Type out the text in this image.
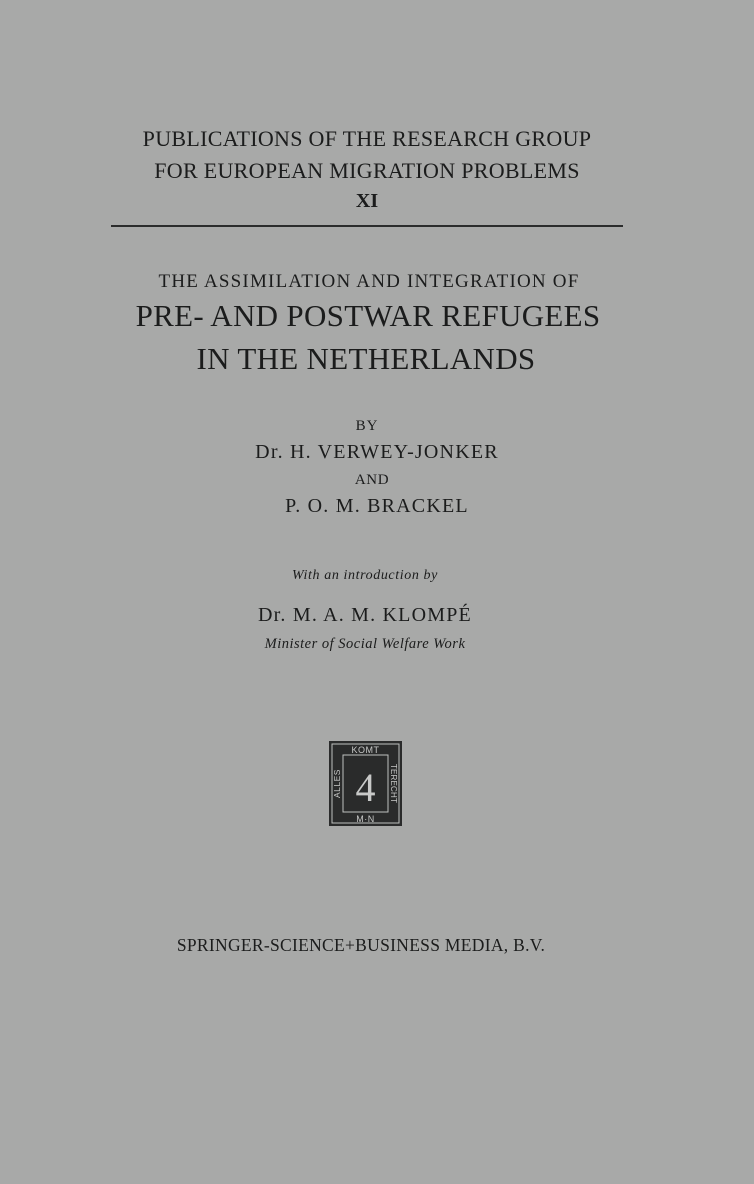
PUBLICATIONS OF THE RESEARCH GROUP
FOR EUROPEAN MIGRATION PROBLEMS
XI
THE ASSIMILATION AND INTEGRATION OF
PRE- AND POSTWAR REFUGEES
IN THE NETHERLANDS
BY
Dr. H. VERWEY-JONKER
AND
P. O. M. BRACKEL
With an introduction by
Dr. M. A. M. KLOMPÉ
Minister of Social Welfare Work
KOMT
M·N
ALLES	TERECHT
4
SPRINGER-SCIENCE+BUSINESS MEDIA, B.V.
